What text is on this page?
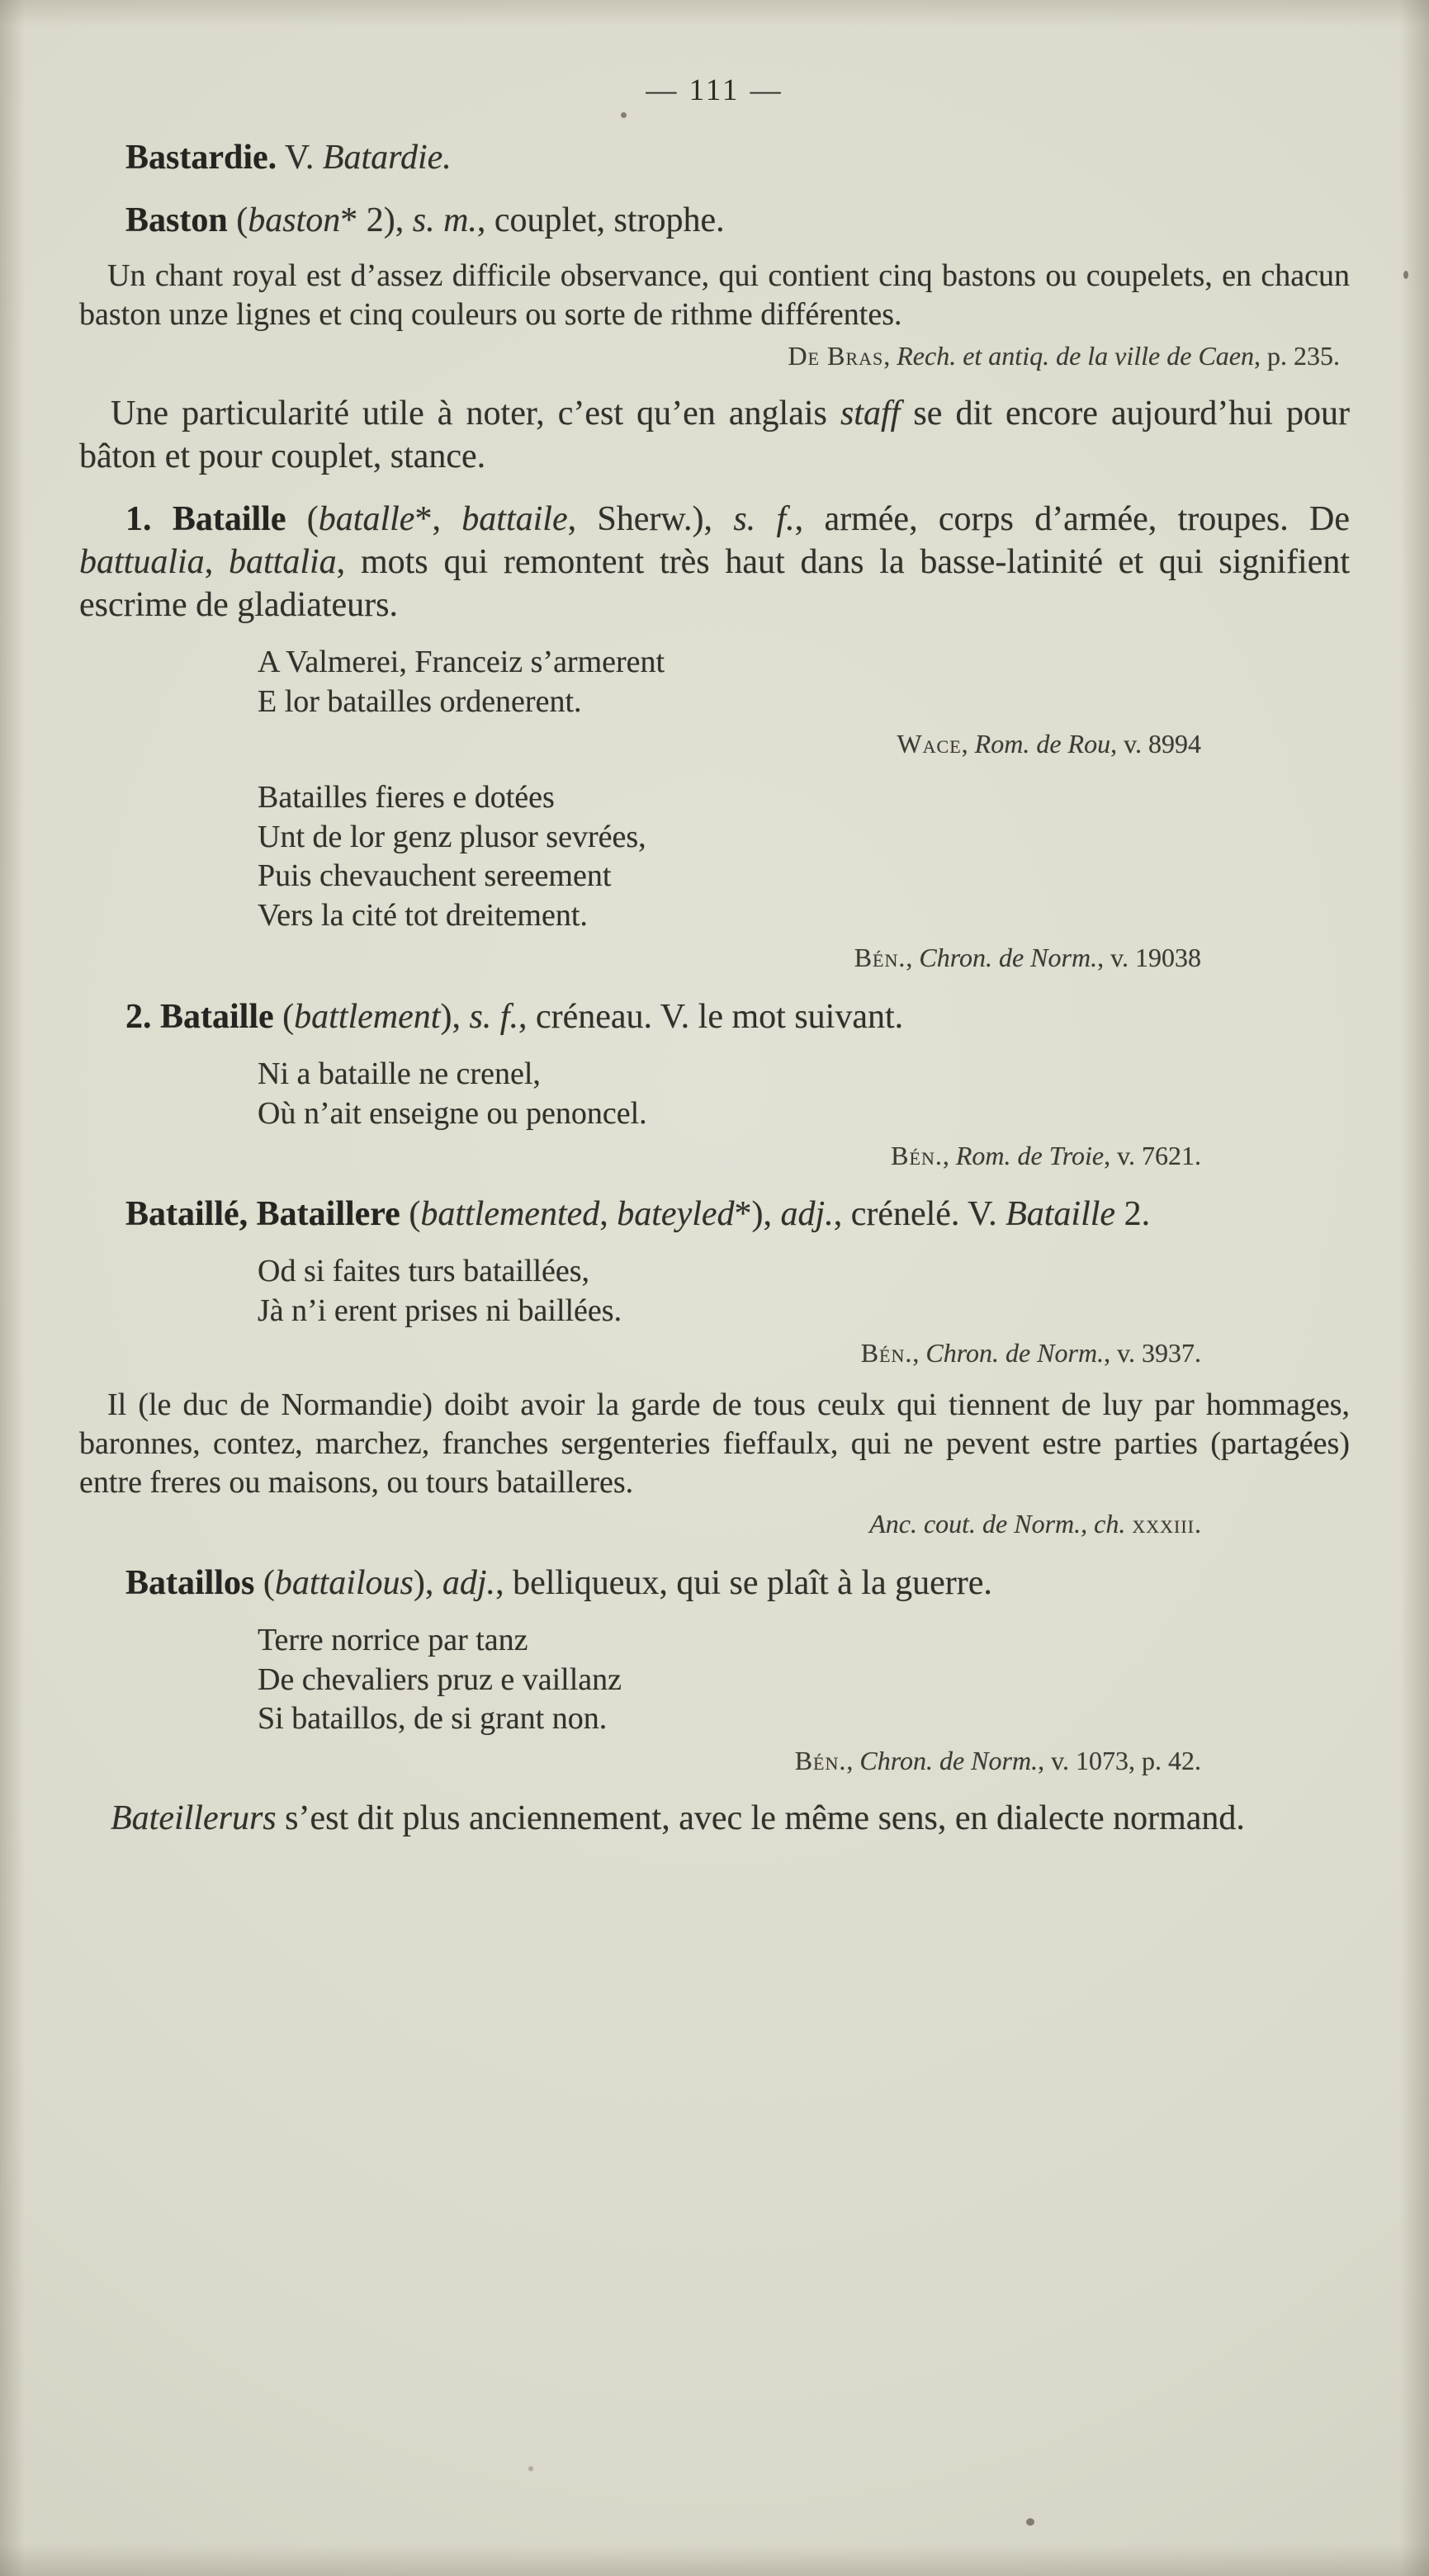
— 111 —

Bastardie. V. Batardie.

Baston (baston* 2), s. m., couplet, strophe.

Un chant royal est d’assez difficile observance, qui contient cinq bastons ou coupelets, en chacun baston unze lignes et cinq couleurs ou sorte de rithme différentes.

De Bras, Rech. et antiq. de la ville de Caen, p. 235.

Une particularité utile à noter, c’est qu’en anglais staff se dit encore aujourd’hui pour bâton et pour couplet, stance.

1. Bataille (batalle*, battaile, Sherw.), s. f., armée, corps d’armée, troupes. De battualia, battalia, mots qui remontent très haut dans la basse-latinité et qui signifient escrime de gladiateurs.

A Valmerei, Franceiz s’armerent
E lor batailles ordenerent.

Wace, Rom. de Rou, v. 8994

Batailles fieres e dotées
Unt de lor genz plusor sevrées,
Puis chevauchent sereement
Vers la cité tot dreitement.

Bén., Chron. de Norm., v. 19038

2. Bataille (battlement), s. f., créneau. V. le mot suivant.

Ni a bataille ne crenel,
Où n’ait enseigne ou penoncel.

Bén., Rom. de Troie, v. 7621.

Bataillé, Bataillere (battlemented, bateyled*), adj., crénelé. V. Bataille 2.

Od si faites turs bataillées,
Jà n’i erent prises ni baillées.

Bén., Chron. de Norm., v. 3937.

Il (le duc de Normandie) doibt avoir la garde de tous ceulx qui tiennent de luy par hommages, baronnes, contez, marchez, franches sergenteries fieffaulx, qui ne pevent estre parties (partagées) entre freres ou maisons, ou tours batailleres.

Anc. cout. de Norm., ch. xxxiii.

Bataillos (battailous), adj., belliqueux, qui se plaît à la guerre.

Terre norrice par tanz
De chevaliers pruz e vaillanz
Si bataillos, de si grant non.

Bén., Chron. de Norm., v. 1073, p. 42.

Bateillerurs s’est dit plus anciennement, avec le même sens, en dialecte normand.
